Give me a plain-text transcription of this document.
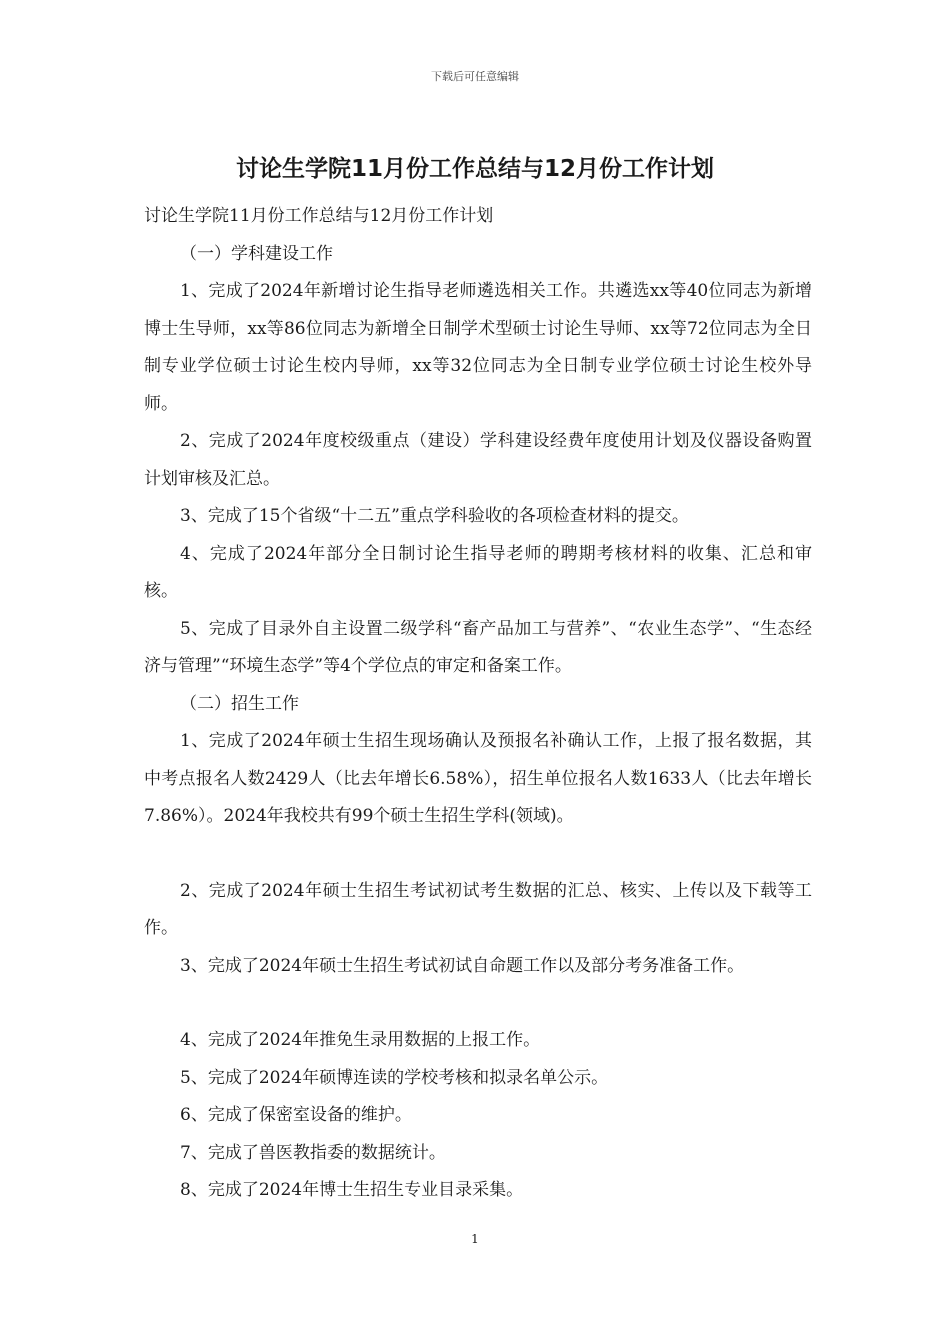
下载后可任意编辑
讨论生学院11月份工作总结与12月份工作计划

讨论生学院11月份工作总结与12月份工作计划

（一）学科建设工作

1、完成了2024年新增讨论生指导老师遴选相关工作。共遴选xx等40位同志为新增博士生导师，xx等86位同志为新增全日制学术型硕士讨论生导师、xx等72位同志为全日制专业学位硕士讨论生校内导师，xx等32位同志为全日制专业学位硕士讨论生校外导师。

2、完成了2024年度校级重点（建设）学科建设经费年度使用计划及仪器设备购置计划审核及汇总。

3、完成了15个省级“十二五”重点学科验收的各项检查材料的提交。

4、完成了2024年部分全日制讨论生指导老师的聘期考核材料的收集、汇总和审核。

5、完成了目录外自主设置二级学科“畜产品加工与营养”、“农业生态学”、“生态经济与管理”“环境生态学”等4个学位点的审定和备案工作。

（二）招生工作

1、完成了2024年硕士生招生现场确认及预报名补确认工作，上报了报名数据，其中考点报名人数2429人（比去年增长6.58%），招生单位报名人数1633人（比去年增长7.86%）。2024年我校共有99个硕士生招生学科(领域)。

2、完成了2024年硕士生招生考试初试考生数据的汇总、核实、上传以及下载等工作。

3、完成了2024年硕士生招生考试初试自命题工作以及部分考务准备工作。

4、完成了2024年推免生录用数据的上报工作。

5、完成了2024年硕博连读的学校考核和拟录名单公示。

6、完成了保密室设备的维护。

7、完成了兽医教指委的数据统计。

8、完成了2024年博士生招生专业目录采集。

1
